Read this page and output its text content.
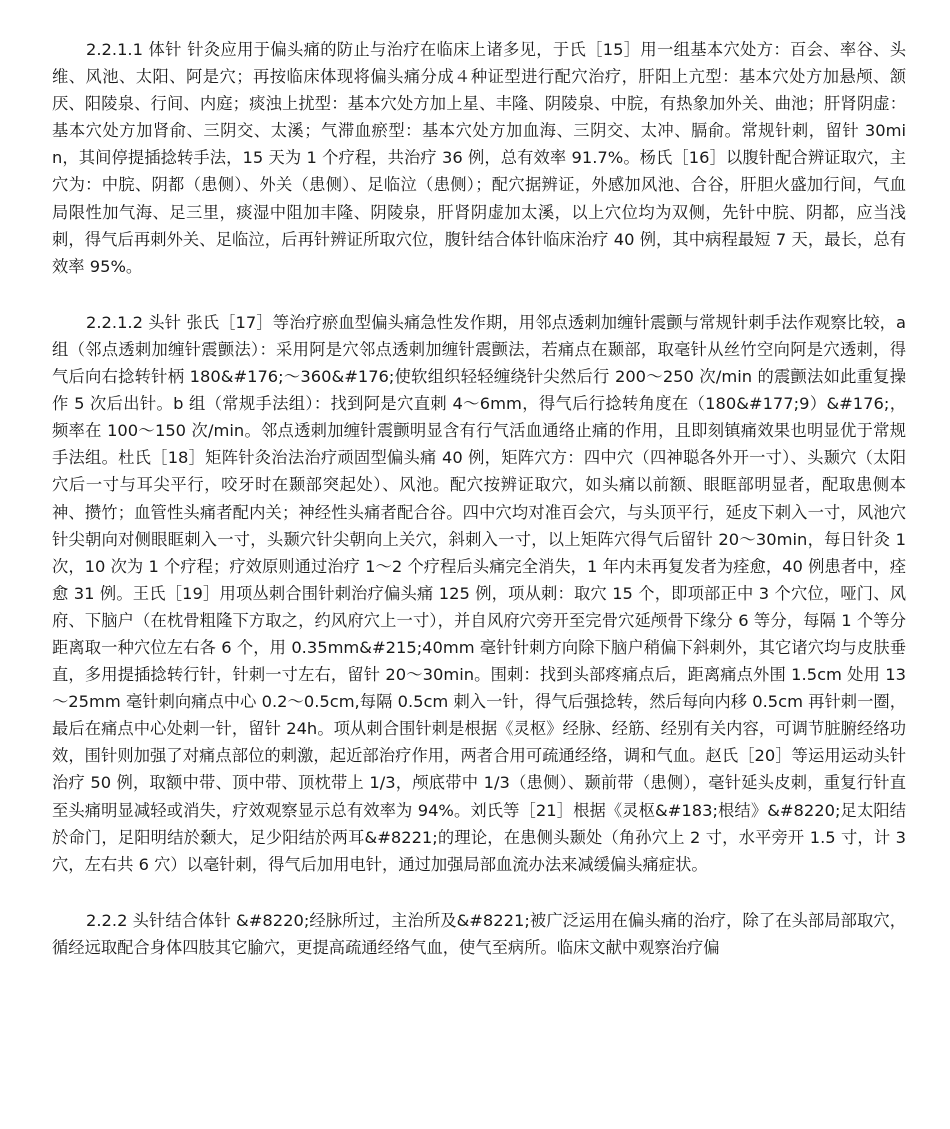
2.2.1.1 体针 针灸应用于偏头痛的防止与治疗在临床上诸多见，于氏［15］用一组基本穴处方：百会、率谷、头维、风池、太阳、阿是穴；再按临床体现将偏头痛分成４种证型进行配穴治疗，肝阳上亢型：基本穴处方加悬颅、颔厌、阳陵泉、行间、内庭；痰浊上扰型：基本穴处方加上星、丰隆、阴陵泉、中脘，有热象加外关、曲池；肝肾阴虚：基本穴处方加肾俞、三阴交、太溪；气滞血瘀型：基本穴处方加血海、三阴交、太冲、膈俞。常规针刺，留针 30min，其间停提插捻转手法，15 天为 1 个疗程，共治疗 36 例，总有效率 91.7%。杨氏［16］以腹针配合辨证取穴，主穴为：中脘、阴都（患侧）、外关（患侧）、足临泣（患侧）；配穴据辨证，外感加风池、合谷，肝胆火盛加行间，气血局限性加气海、足三里，痰湿中阻加丰隆、阴陵泉，肝肾阴虚加太溪，以上穴位均为双侧，先针中脘、阴都，应当浅刺，得气后再刺外关、足临泣，后再针辨证所取穴位，腹针结合体针临床治疗 40 例，其中病程最短 7 天，最长，总有效率 95%。

2.2.1.2 头针 张氏［17］等治疗瘀血型偏头痛急性发作期，用邻点透刺加缠针震颤与常规针刺手法作观察比较，a 组（邻点透刺加缠针震颤法）：采用阿是穴邻点透刺加缠针震颤法，若痛点在颞部，取毫针从丝竹空向阿是穴透刺，得气后向右捻转针柄 180&#176;～360&#176;使软组织轻轻缠绕针尖然后行 200～250 次/min 的震颤法如此重复操作 5 次后出针。b 组（常规手法组）：找到阿是穴直刺 4～6mm，得气后行捻转角度在（180&#177;9）&#176;，频率在 100～150 次/min。邻点透刺加缠针震颤明显含有行气活血通络止痛的作用，且即刻镇痛效果也明显优于常规手法组。杜氏［18］矩阵针灸治法治疗顽固型偏头痛 40 例，矩阵穴方：四中穴（四神聪各外开一寸）、头颞穴（太阳穴后一寸与耳尖平行，咬牙时在颞部突起处）、风池。配穴按辨证取穴，如头痛以前额、眼眶部明显者，配取患侧本神、攒竹；血管性头痛者配内关；神经性头痛者配合谷。四中穴均对准百会穴，与头顶平行，延皮下刺入一寸，风池穴针尖朝向对侧眼眶刺入一寸，头颞穴针尖朝向上关穴，斜刺入一寸，以上矩阵穴得气后留针 20～30min，每日针灸 1 次，10 次为 1 个疗程；疗效原则通过治疗 1～2 个疗程后头痛完全消失，1 年内未再复发者为痊愈，40 例患者中，痊愈 31 例。王氏［19］用项丛刺合围针刺治疗偏头痛 125 例，项从刺：取穴 15 个，即项部正中 3 个穴位，哑门、风府、下脑户（在枕骨粗隆下方取之，约风府穴上一寸），并自风府穴旁开至完骨穴延颅骨下缘分 6 等分，每隔 1 个等分距离取一种穴位左右各 6 个，用 0.35mm&#215;40mm 毫针针刺方向除下脑户稍偏下斜刺外，其它诸穴均与皮肤垂直，多用提插捻转行针，针刺一寸左右，留针 20～30min。围刺：找到头部疼痛点后，距离痛点外围 1.5cm 处用 13～25mm 毫针刺向痛点中心 0.2～0.5cm,每隔 0.5cm 刺入一针，得气后强捻转，然后每向内移 0.5cm 再针刺一圈，最后在痛点中心处刺一针，留针 24h。项从刺合围针刺是根据《灵枢》经脉、经筋、经别有关内容，可调节脏腑经络功效，围针则加强了对痛点部位的刺激，起近部治疗作用，两者合用可疏通经络，调和气血。赵氏［20］等运用运动头针治疗 50 例，取额中带、顶中带、顶枕带上 1/3，颅底带中 1/3（患侧）、颞前带（患侧），毫针延头皮刺，重复行针直至头痛明显减轻或消失，疗效观察显示总有效率为 94%。刘氏等［21］根据《灵枢&#183;根结》&#8220;足太阳结於命门，足阳明结於颡大，足少阳结於两耳&#8221;的理论，在患侧头颞处（角孙穴上 2 寸，水平旁开 1.5 寸，计 3 穴，左右共 6 穴）以毫针刺，得气后加用电针，通过加强局部血流办法来减缓偏头痛症状。

2.2.2 头针结合体针 &#8220;经脉所过，主治所及&#8221;被广泛运用在偏头痛的治疗，除了在头部局部取穴，循经远取配合身体四肢其它腧穴，更提高疏通经络气血，使气至病所。临床文献中观察治疗偏
